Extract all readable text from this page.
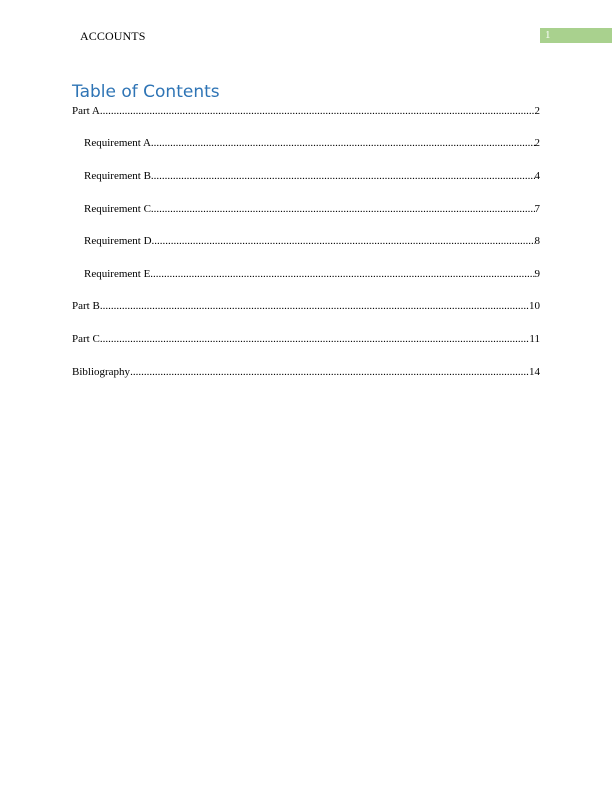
ACCOUNTS	1
Table of Contents
Part A .....	2
Requirement A .....	2
Requirement B .....	4
Requirement C .....	7
Requirement D .....	8
Requirement E .....	9
Part B .....	10
Part C .....	11
Bibliography .....	14
